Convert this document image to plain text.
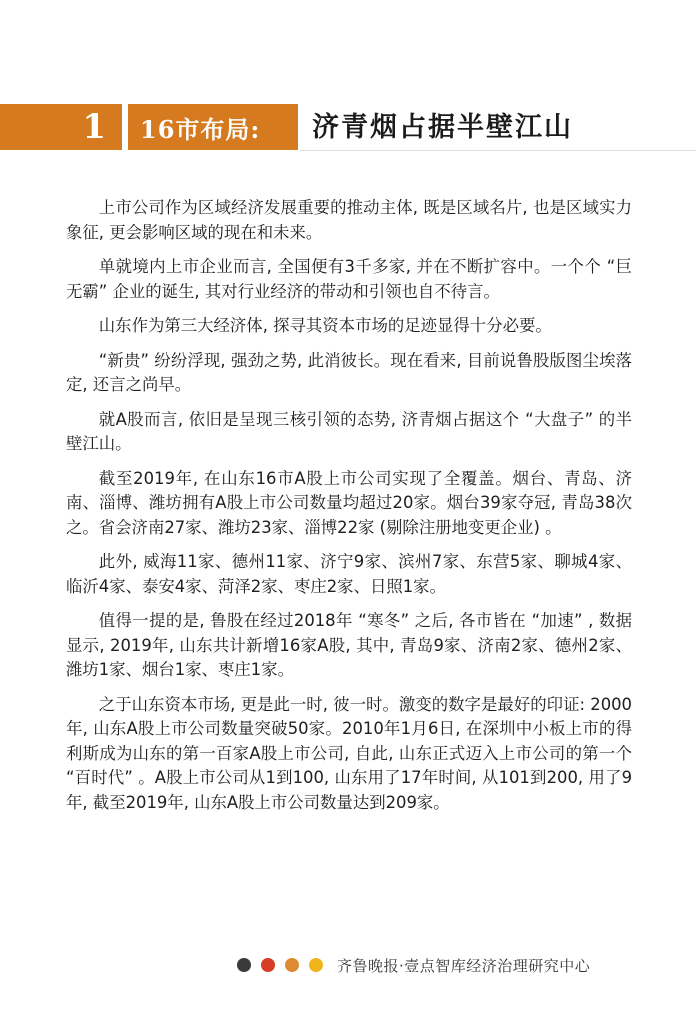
1	16市布局:	济青烟占据半壁江山

上市公司作为区域经济发展重要的推动主体, 既是区域名片, 也是区域实力象征, 更会影响区域的现在和未来。

单就境内上市企业而言, 全国便有3千多家, 并在不断扩容中。一个个 “巨无霸” 企业的诞生, 其对行业经济的带动和引领也自不待言。

山东作为第三大经济体, 探寻其资本市场的足迹显得十分必要。

“新贵” 纷纷浮现, 强劲之势, 此消彼长。现在看来, 目前说鲁股版图尘埃落定, 还言之尚早。

就A股而言, 依旧是呈现三核引领的态势, 济青烟占据这个 “大盘子” 的半壁江山。

截至2019年, 在山东16市A股上市公司实现了全覆盖。烟台、青岛、济南、淄博、潍坊拥有A股上市公司数量均超过20家。烟台39家夺冠, 青岛38次之。省会济南27家、潍坊23家、淄博22家 (剔除注册地变更企业) 。

此外, 威海11家、德州11家、济宁9家、滨州7家、东营5家、聊城4家、临沂4家、泰安4家、菏泽2家、枣庄2家、日照1家。

值得一提的是, 鲁股在经过2018年 “寒冬” 之后, 各市皆在 “加速” , 数据显示, 2019年, 山东共计新增16家A股, 其中, 青岛9家、济南2家、德州2家、潍坊1家、烟台1家、枣庄1家。

之于山东资本市场, 更是此一时, 彼一时。激变的数字是最好的印证: 2000年, 山东A股上市公司数量突破50家。2010年1月6日, 在深圳中小板上市的得利斯成为山东的第一百家A股上市公司, 自此, 山东正式迈入上市公司的第一个 “百时代” 。A股上市公司从1到100, 山东用了17年时间, 从101到200, 用了9年, 截至2019年, 山东A股上市公司数量达到209家。

齐鲁晚报·壹点智库经济治理研究中心
